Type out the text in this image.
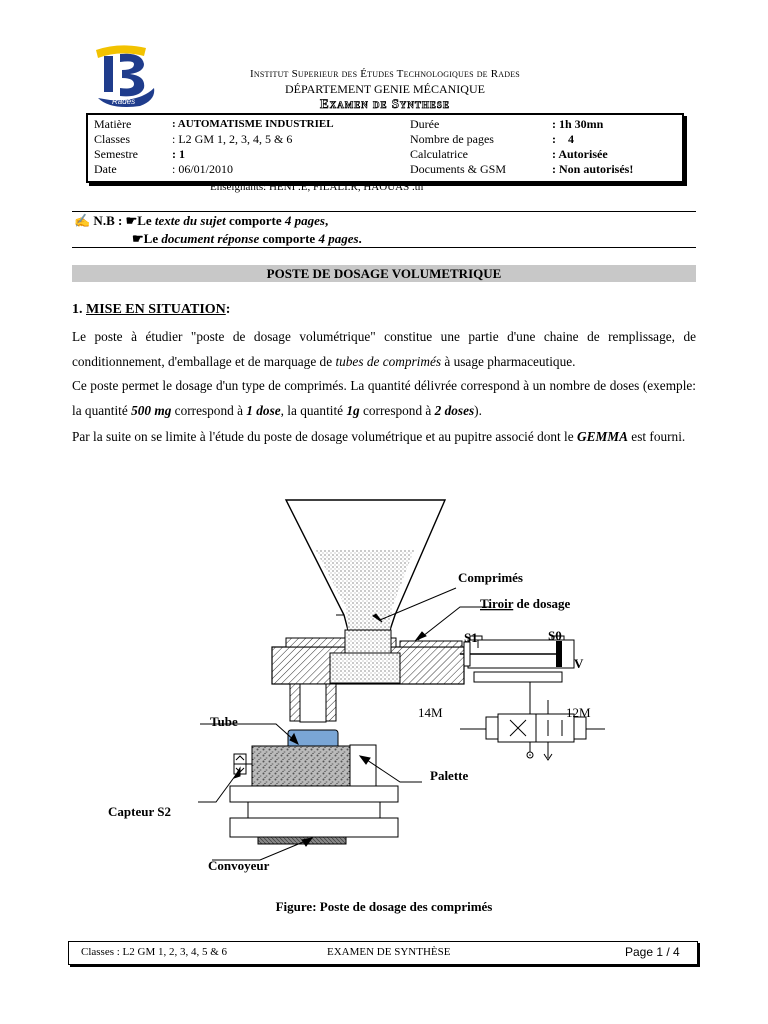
Radès
Institut Superieur des Études Technologiques de Rades
DÉPARTEMENT GENIE MÉCANIQUE
Examen de Synthese
Matière	: AUTOMATISME INDUSTRIEL
Classes	: L2 GM 1, 2, 3, 4, 5 & 6
Semestre	: 1
Date	: 06/01/2010
Durée	: 1h 30mn
Nombre de pages	:    4
Calculatrice	: Autorisée
Documents & GSM	: Non autorisés!
Enseignants: HENI .E, FILALI.R, HAOUAS .th
✍ N.B : ☛Le texte du sujet comporte 4 pages,
☛Le document réponse comporte 4 pages.
POSTE DE DOSAGE VOLUMETRIQUE
1. MISE EN SITUATION:
Le poste à étudier "poste de dosage volumétrique" constitue une partie d'une chaine de remplissage, de conditionnement, d'emballage et de marquage de tubes de comprimés à usage pharmaceutique.
Ce poste permet le dosage d'un type de comprimés. La quantité délivrée correspond à un nombre de doses (exemple: la quantité 500 mg correspond à 1 dose, la quantité 1g correspond à 2 doses).
Par la suite on se limite à l'étude du poste de dosage volumétrique et au pupitre associé dont le GEMMA est fourni.
Comprimés
Tiroir de dosage
S1	S0
V
Tube
Palette
Capteur S2
Convoyeur
14M	12M
Figure: Poste de dosage des comprimés
Classes : L2 GM 1, 2, 3, 4, 5 & 6	EXAMEN DE SYNTHÈSE	Page 1 / 4
